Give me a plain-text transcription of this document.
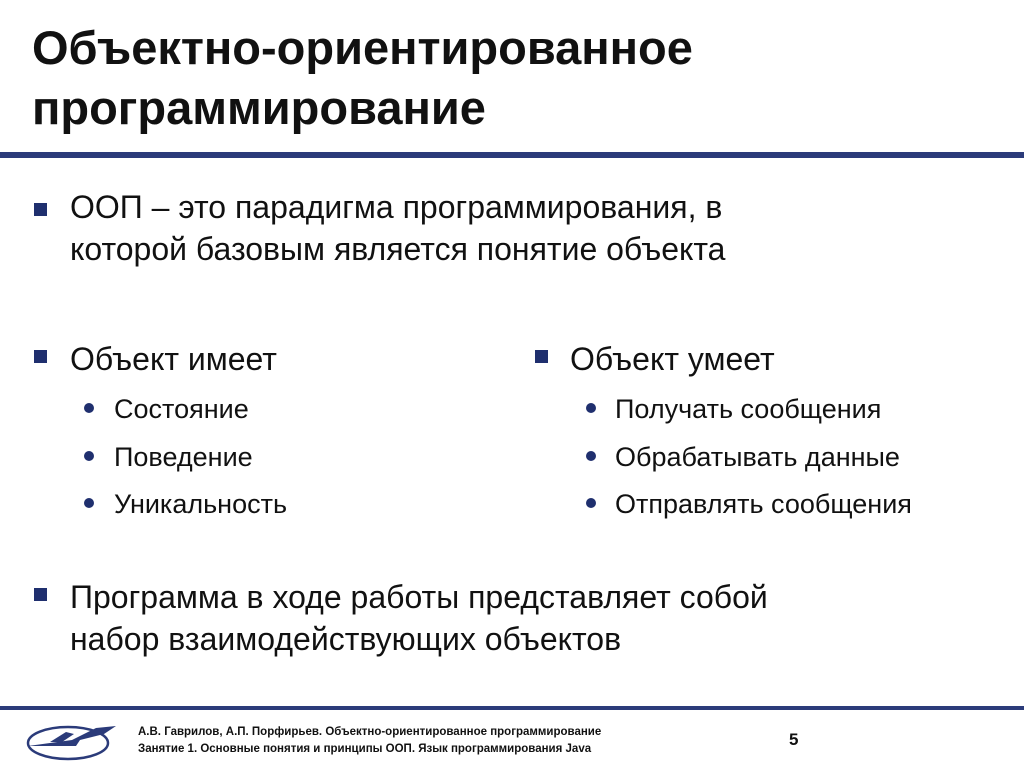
Объектно-ориентированное
программирование
ООП – это парадигма программирования, в
которой базовым является понятие объекта
Объект имеет
Состояние
Поведение
Уникальность
Объект умеет
Получать сообщения
Обрабатывать данные
Отправлять сообщения
Программа в ходе работы представляет собой
набор взаимодействующих объектов
А.В. Гаврилов, А.П. Порфирьев. Объектно-ориентированное программирование
Занятие 1. Основные понятия и принципы ООП. Язык программирования Java	5
